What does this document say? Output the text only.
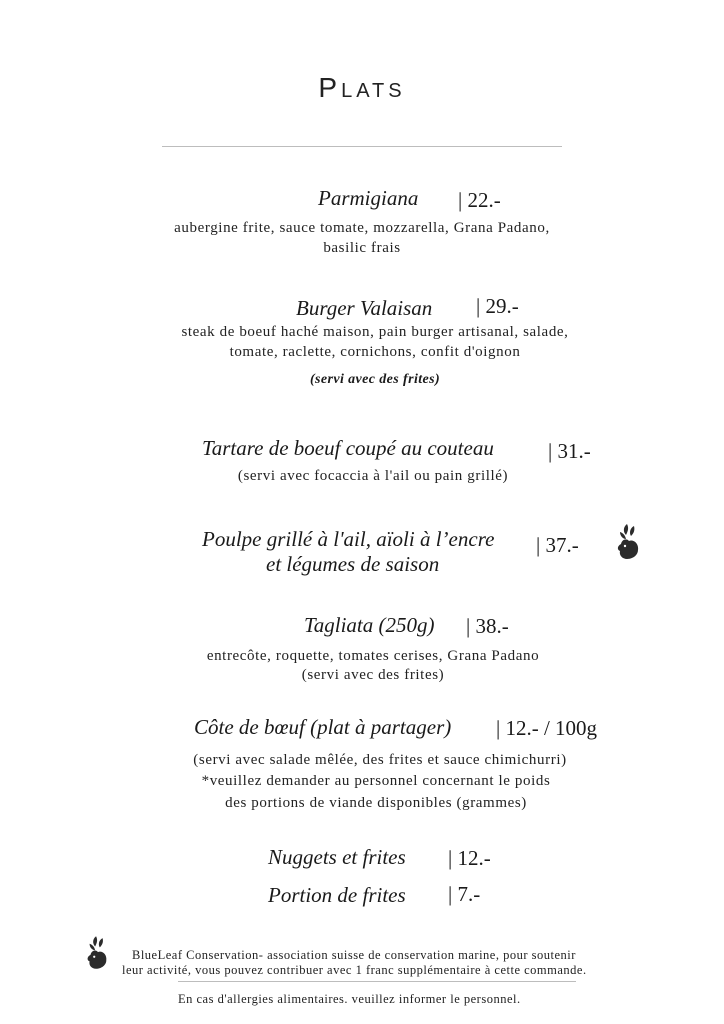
Plats
Parmigiana | 22.-
aubergine frite, sauce tomate, mozzarella, Grana Padano,
basilic frais
Burger Valaisan | 29.-
steak de boeuf haché maison, pain burger artisanal, salade,
tomate, raclette, cornichons, confit d'oignon
(servi avec des frites)
Tartare de boeuf coupé au couteau	| 31.-
(servi avec focaccia à l'ail ou pain grillé)
Poulpe grillé à l'ail, aïoli à l’encre
et légumes de saison
| 37.-
Tagliata (250g) | 38.-
entrecôte, roquette, tomates cerises, Grana Padano
(servi avec des frites)
Côte de bœuf (plat à partager) | 12.- / 100g
(servi avec salade mêlée, des frites et sauce chimichurri)
*veuillez demander au personnel concernant le poids
des portions de viande disponibles (grammes)
Nuggets et frites | 12.-
Portion de frites | 7.-
BlueLeaf Conservation- association suisse de conservation marine, pour soutenir
leur activité, vous pouvez contribuer avec 1 franc supplémentaire à cette commande.
En cas d'allergies alimentaires. veuillez informer le personnel.
